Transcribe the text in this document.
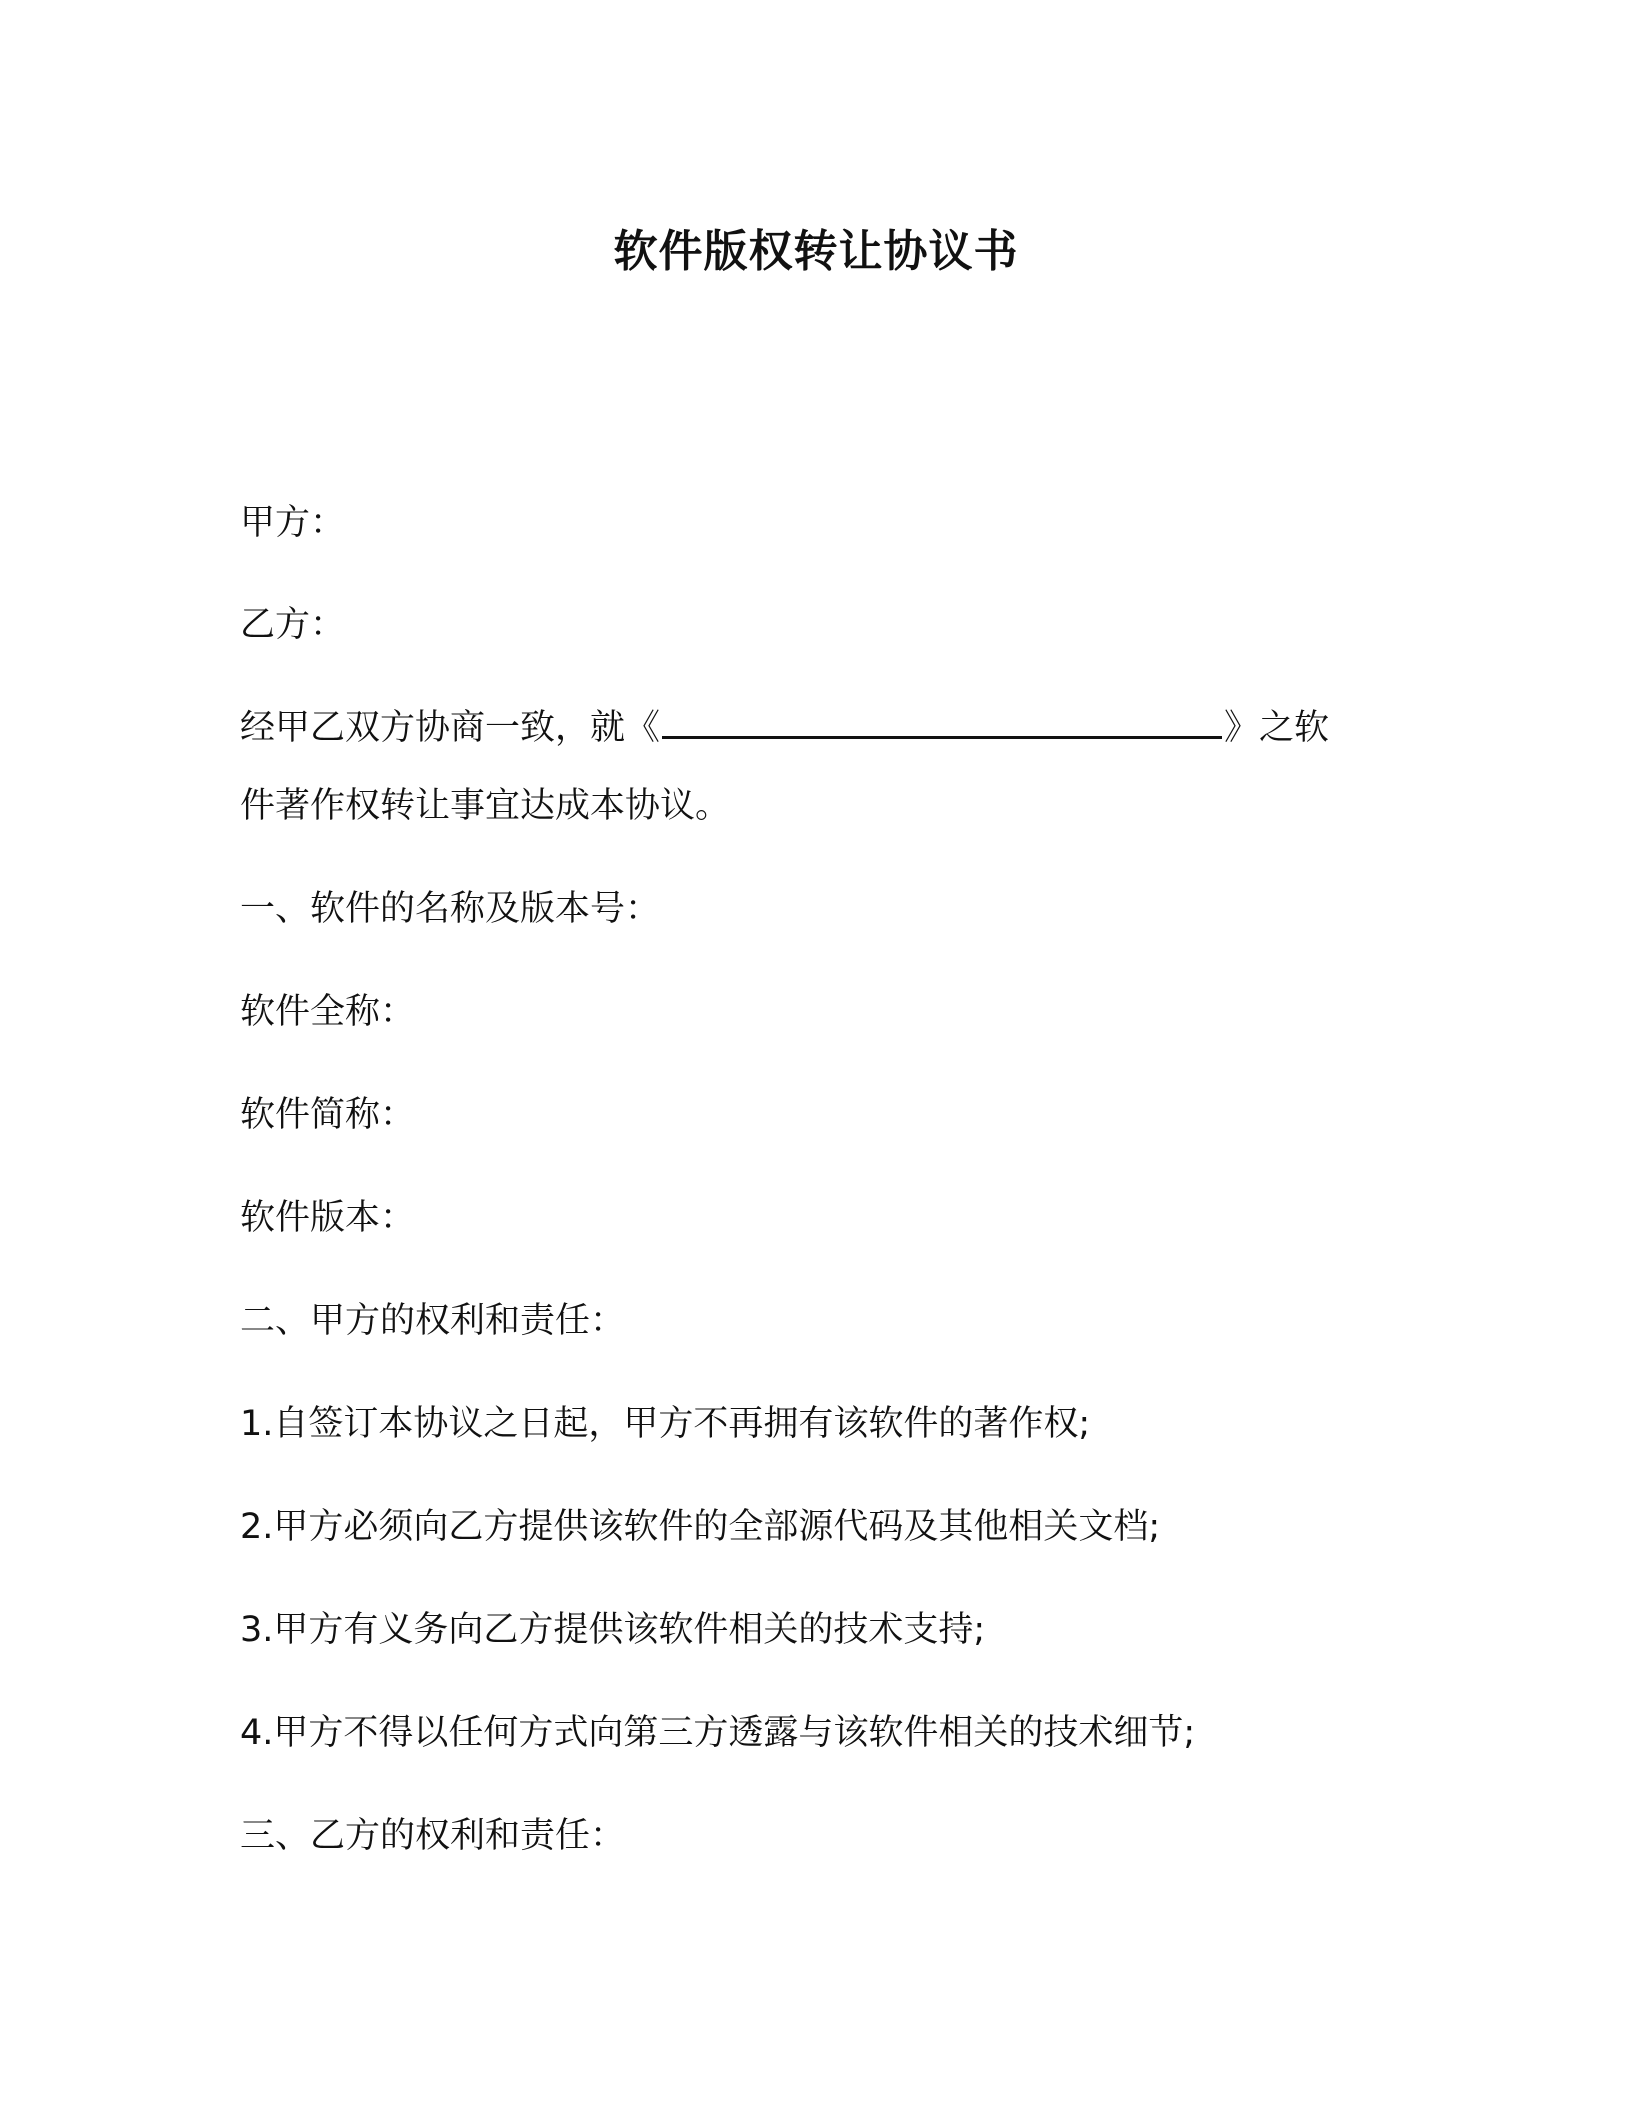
软件版权转让协议书
甲方：
乙方：
经甲乙双方协商一致，就《	》之软
件著作权转让事宜达成本协议。
一、软件的名称及版本号：
软件全称：
软件简称：
软件版本：
二、甲方的权利和责任：
1.自签订本协议之日起，甲方不再拥有该软件的著作权;
2.甲方必须向乙方提供该软件的全部源代码及其他相关文档;
3.甲方有义务向乙方提供该软件相关的技术支持;
4.甲方不得以任何方式向第三方透露与该软件相关的技术细节;
三、乙方的权利和责任：
